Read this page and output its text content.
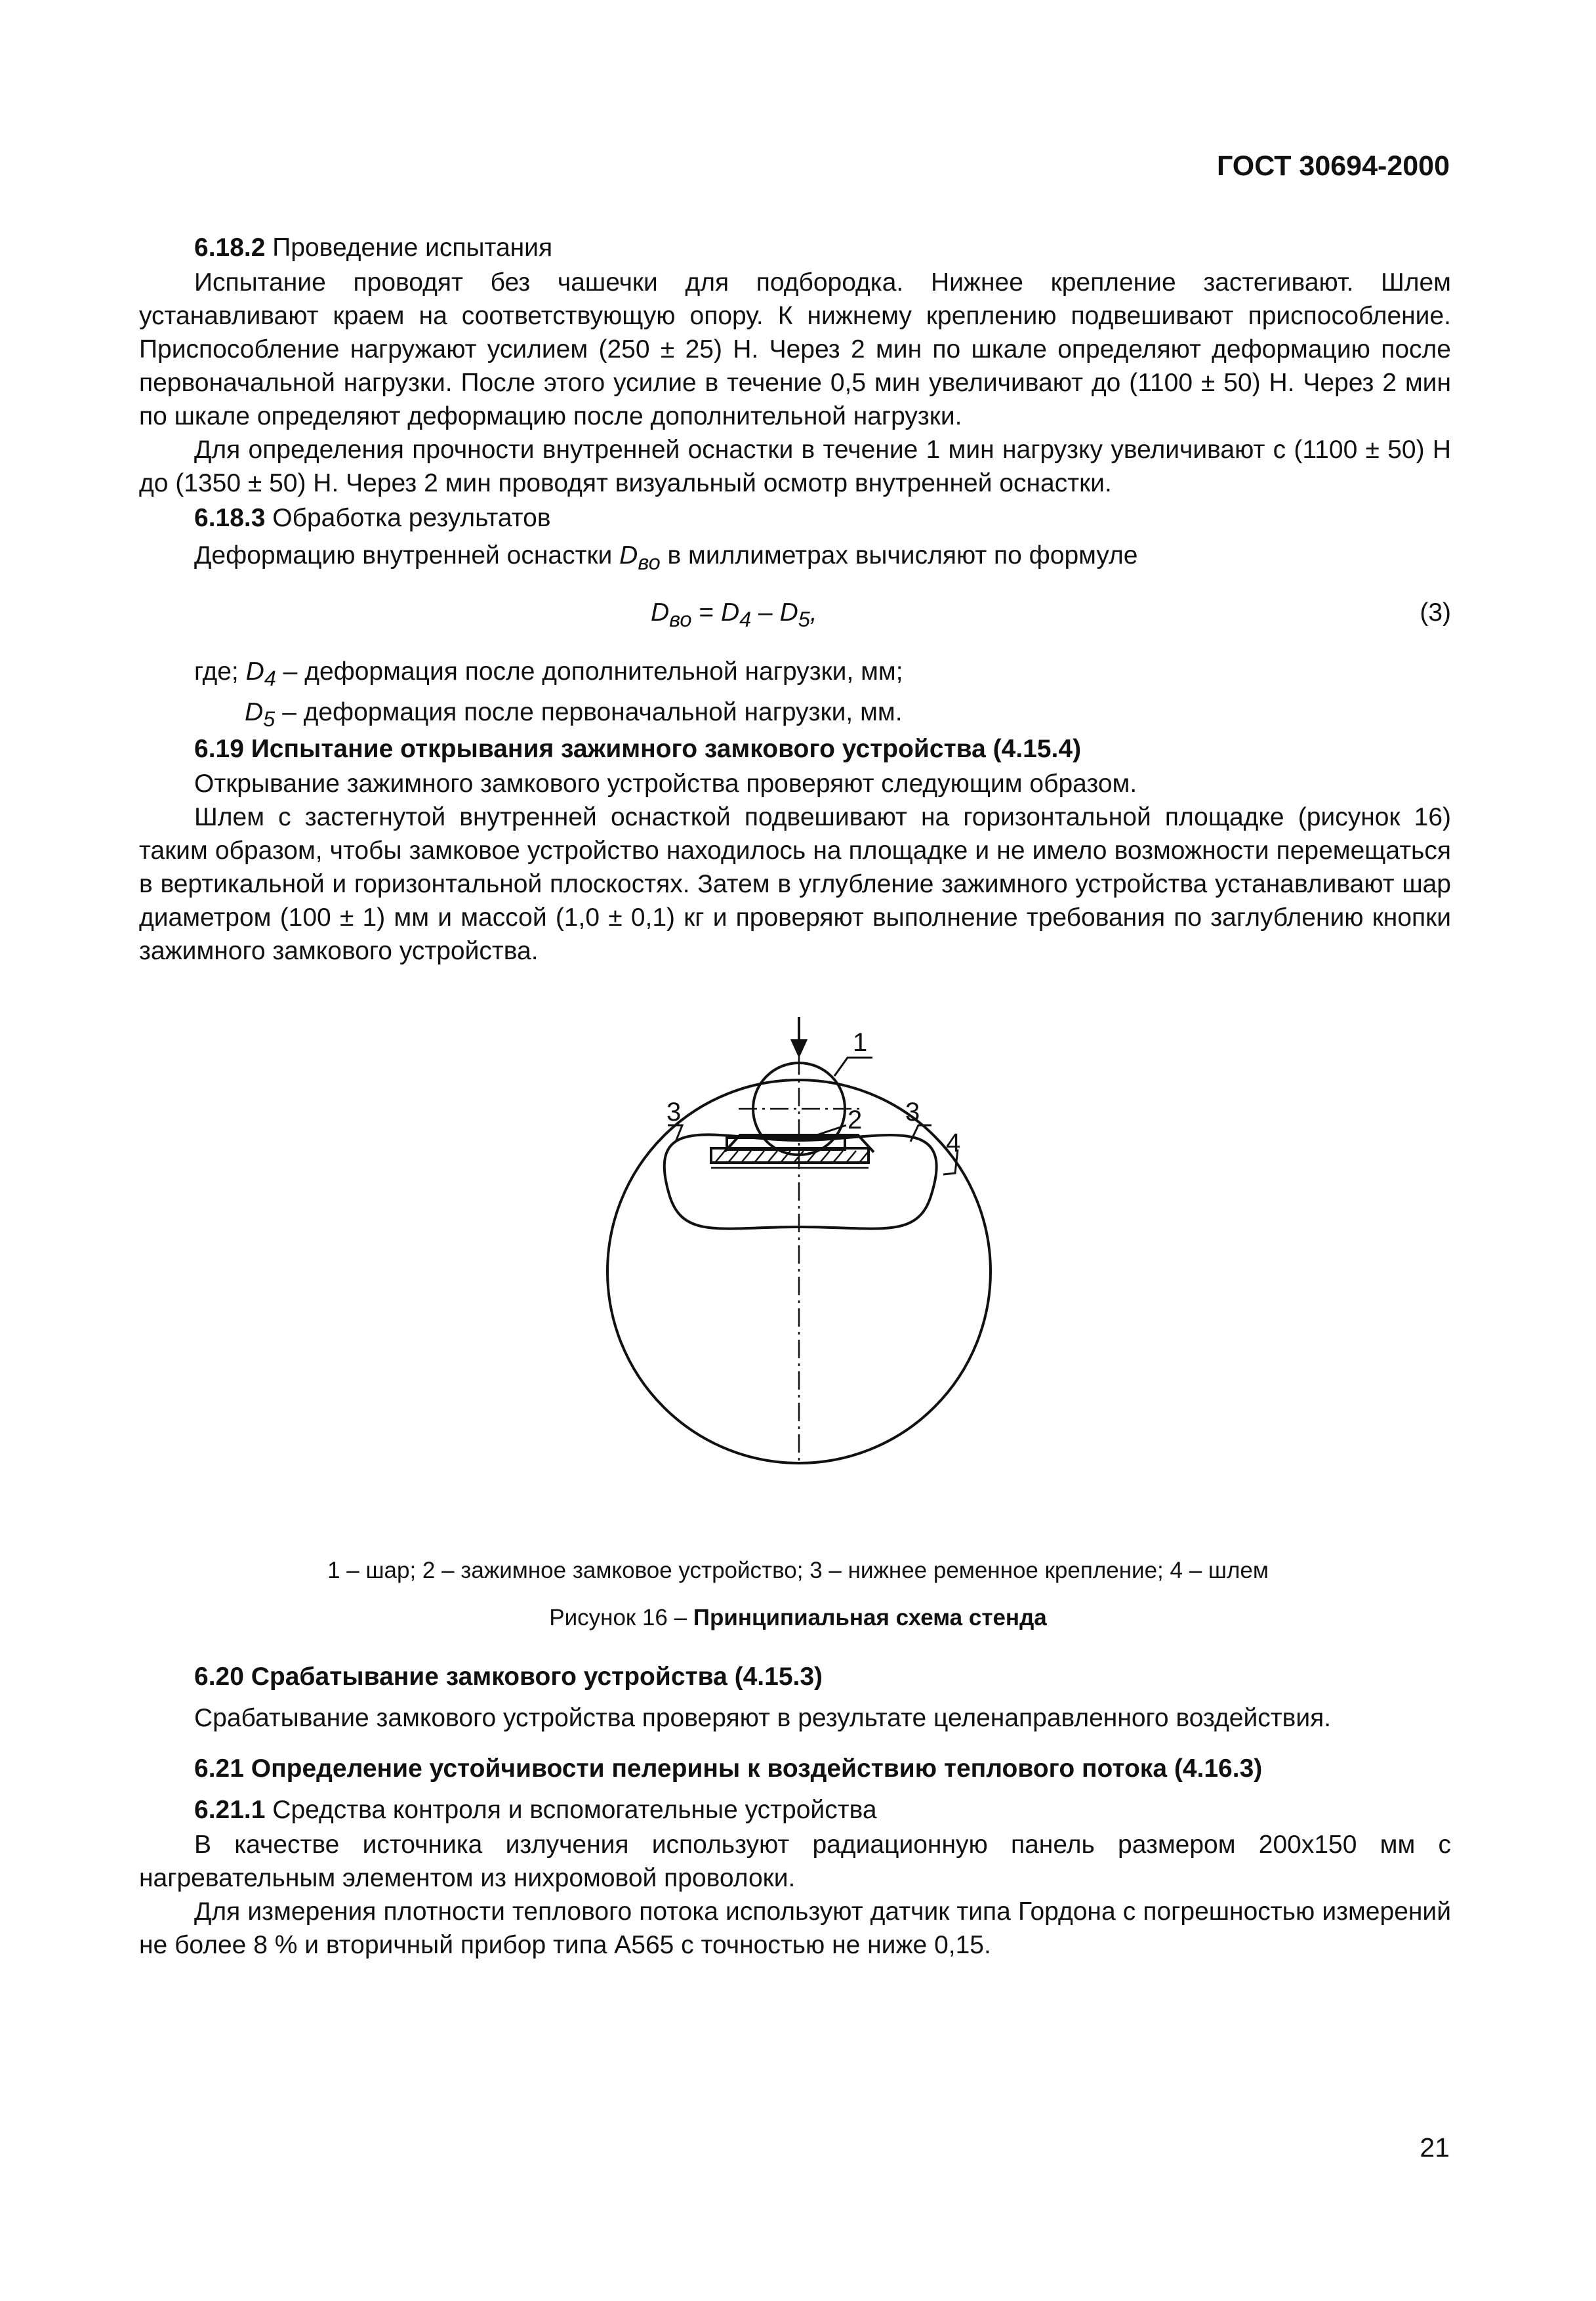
ГОСТ 30694-2000

6.18.2 Проведение испытания

Испытание проводят без чашечки для подбородка. Нижнее крепление застегивают. Шлем устанавливают краем на соответствующую опору. К нижнему креплению подвешивают приспособление. Приспособление нагружают усилием (250 ± 25) Н. Через 2 мин по шкале определяют деформацию после первоначальной нагрузки. После этого усилие в течение 0,5 мин увеличивают до (1100 ± 50) Н. Через 2 мин по шкале определяют деформацию после дополнительной нагрузки.

Для определения прочности внутренней оснастки в течение 1 мин нагрузку увеличивают с (1100 ± 50) Н до (1350 ± 50) Н. Через 2 мин проводят визуальный осмотр внутренней оснастки.

6.18.3 Обработка результатов

Деформацию внутренней оснастки $D_{во}$ в миллиметрах вычисляют по формуле

$D_{во} = D_4 - D_5$,	(3)

где; $D_4$ – деформация после дополнительной нагрузки, мм;

$D_5$ – деформация после первоначальной нагрузки, мм.

6.19 Испытание открывания зажимного замкового устройства (4.15.4)

Открывание зажимного замкового устройства проверяют следующим образом.

Шлем с застегнутой внутренней оснасткой подвешивают на горизонтальной площадке (рисунок 16) таким образом, чтобы замковое устройство находилось на площадке и не имело возможности перемещаться в вертикальной и горизонтальной плоскостях. Затем в углубление зажимного устройства устанавливают шар диаметром (100 ± 1) мм и массой (1,0 ± 0,1) кг и проверяют выполнение требования по заглублению кнопки зажимного замкового устройства.

1
2
3	3
4
1 – шар; 2 – зажимное замковое устройство; 3 – нижнее ременное крепление; 4 – шлем
Рисунок 16 – Принципиальная схема стенда

6.20 Срабатывание замкового устройства (4.15.3)

Срабатывание замкового устройства проверяют в результате целенаправленного воздействия.

6.21 Определение устойчивости пелерины к воздействию теплового потока (4.16.3)

6.21.1 Средства контроля и вспомогательные устройства

В качестве источника излучения используют радиационную панель размером 200х150 мм с нагревательным элементом из нихромовой проволоки.

Для измерения плотности теплового потока используют датчик типа Гордона с погрешностью измерений не более 8 % и вторичный прибор типа А565 с точностью не ниже 0,15.

21
